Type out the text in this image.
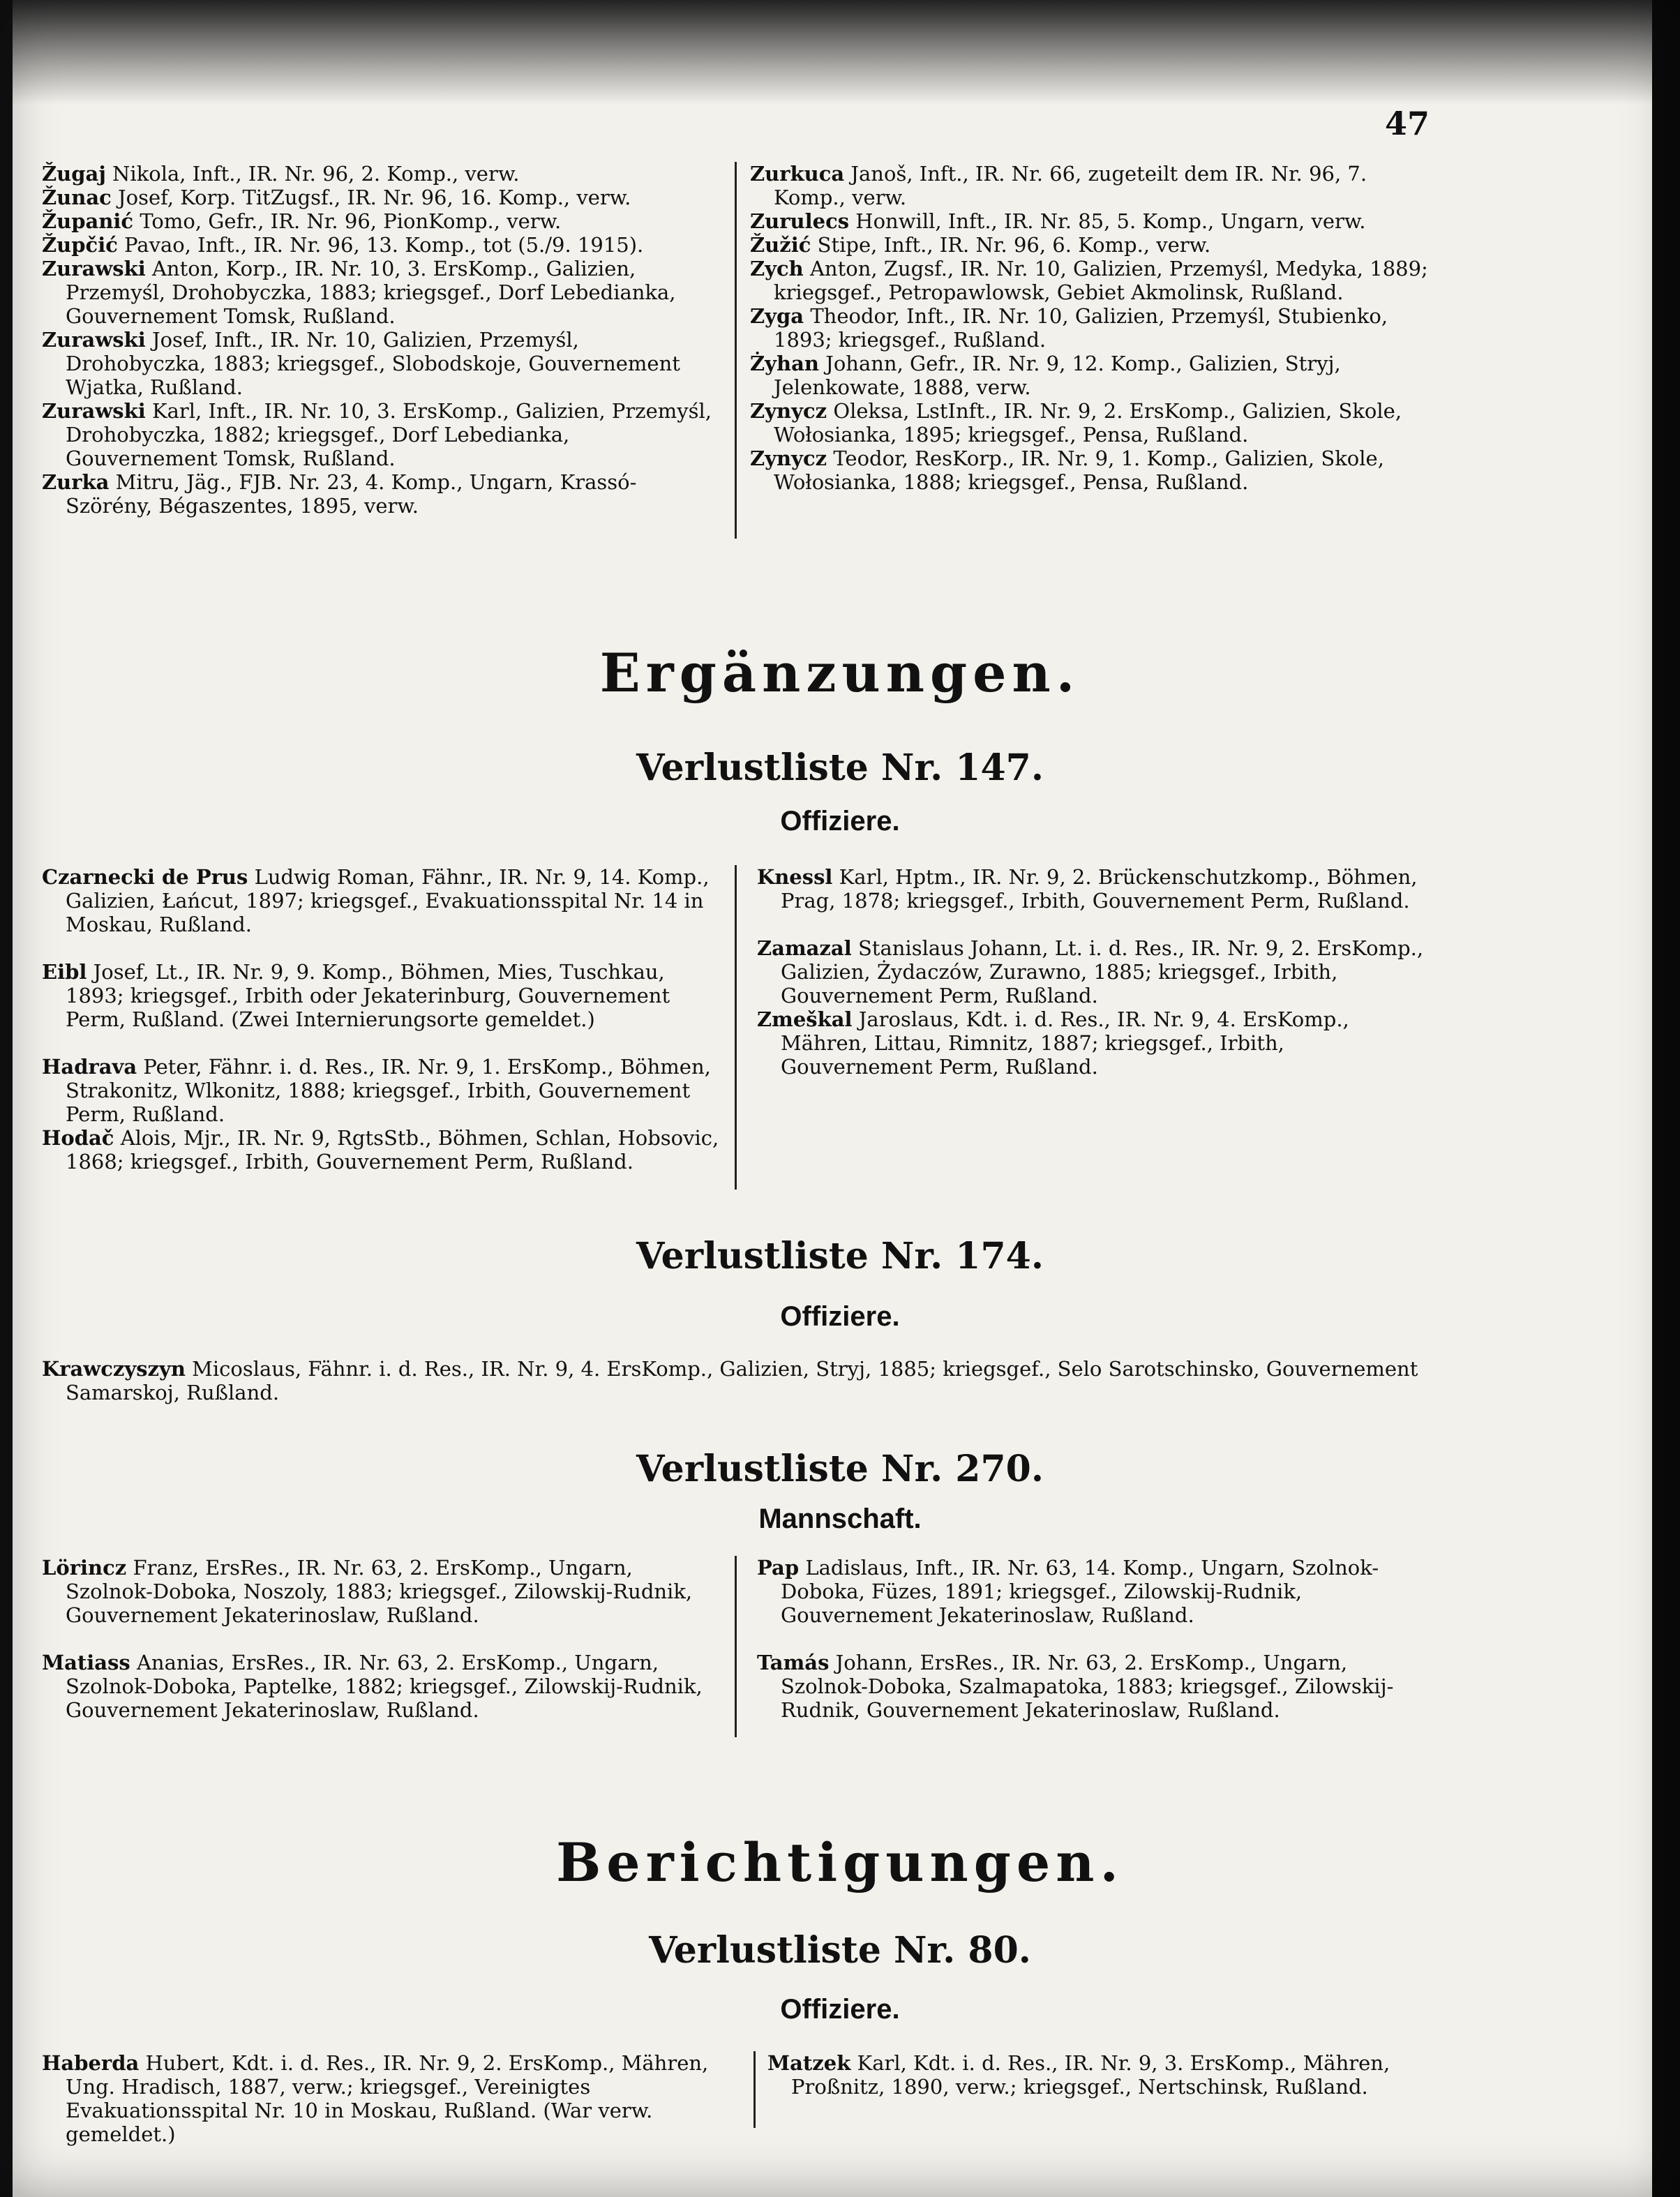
47
Žugaj Nikola, Inft., IR. Nr. 96, 2. Komp., verw.
Žunac Josef, Korp. TitZugsf., IR. Nr. 96, 16. Komp., verw.
Županić Tomo, Gefr., IR. Nr. 96, PionKomp., verw.
Župčić Pavao, Inft., IR. Nr. 96, 13. Komp., tot (5./9. 1915).
Zurawski Anton, Korp., IR. Nr. 10, 3. ErsKomp., Galizien, Przemyśl, Drohobyczka, 1883; kriegsgef., Dorf Lebedianka, Gouvernement Tomsk, Rußland.
Zurawski Josef, Inft., IR. Nr. 10, Galizien, Przemyśl, Drohobyczka, 1883; kriegsgef., Slobodskoje, Gouvernement Wjatka, Rußland.
Zurawski Karl, Inft., IR. Nr. 10, 3. ErsKomp., Galizien, Przemyśl, Drohobyczka, 1882; kriegsgef., Dorf Lebedianka, Gouvernement Tomsk, Rußland.
Zurka Mitru, Jäg., FJB. Nr. 23, 4. Komp., Ungarn, Krassó-Szörény, Bégaszentes, 1895, verw.
Zurkuca Janoš, Inft., IR. Nr. 66, zugeteilt dem IR. Nr. 96, 7. Komp., verw.
Zurulecs Honwill, Inft., IR. Nr. 85, 5. Komp., Ungarn, verw.
Žužić Stipe, Inft., IR. Nr. 96, 6. Komp., verw.
Zych Anton, Zugsf., IR. Nr. 10, Galizien, Przemyśl, Medyka, 1889; kriegsgef., Petropawlowsk, Gebiet Akmolinsk, Rußland.
Zyga Theodor, Inft., IR. Nr. 10, Galizien, Przemyśl, Stubienko, 1893; kriegsgef., Rußland.
Żyhan Johann, Gefr., IR. Nr. 9, 12. Komp., Galizien, Stryj, Jelenkowate, 1888, verw.
Zynycz Oleksa, LstInft., IR. Nr. 9, 2. ErsKomp., Galizien, Skole, Wołosianka, 1895; kriegsgef., Pensa, Rußland.
Zynycz Teodor, ResKorp., IR. Nr. 9, 1. Komp., Galizien, Skole, Wołosianka, 1888; kriegsgef., Pensa, Rußland.
Ergänzungen.
Verlustliste Nr. 147.
Offiziere.
Czarnecki de Prus Ludwig Roman, Fähnr., IR. Nr. 9, 14. Komp., Galizien, Łańcut, 1897; kriegsgef., Evakuationsspital Nr. 14 in Moskau, Rußland.
Eibl Josef, Lt., IR. Nr. 9, 9. Komp., Böhmen, Mies, Tuschkau, 1893; kriegsgef., Irbith oder Jekaterinburg, Gouvernement Perm, Rußland. (Zwei Internierungsorte gemeldet.)
Hadrava Peter, Fähnr. i. d. Res., IR. Nr. 9, 1. ErsKomp., Böhmen, Strakonitz, Wlkonitz, 1888; kriegsgef., Irbith, Gouvernement Perm, Rußland.
Hodač Alois, Mjr., IR. Nr. 9, RgtsStb., Böhmen, Schlan, Hobsovic, 1868; kriegsgef., Irbith, Gouvernement Perm, Rußland.
Knessl Karl, Hptm., IR. Nr. 9, 2. Brückenschutzkomp., Böhmen, Prag, 1878; kriegsgef., Irbith, Gouvernement Perm, Rußland.
Zamazal Stanislaus Johann, Lt. i. d. Res., IR. Nr. 9, 2. ErsKomp., Galizien, Żydaczów, Zurawno, 1885; kriegsgef., Irbith, Gouvernement Perm, Rußland.
Zmeškal Jaroslaus, Kdt. i. d. Res., IR. Nr. 9, 4. ErsKomp., Mähren, Littau, Rimnitz, 1887; kriegsgef., Irbith, Gouvernement Perm, Rußland.
Verlustliste Nr. 174.
Offiziere.
Krawczyszyn Micoslaus, Fähnr. i. d. Res., IR. Nr. 9, 4. ErsKomp., Galizien, Stryj, 1885; kriegsgef., Selo Sarotschinsko, Gouvernement Samarskoj, Rußland.
Verlustliste Nr. 270.
Mannschaft.
Lörincz Franz, ErsRes., IR. Nr. 63, 2. ErsKomp., Ungarn, Szolnok-Doboka, Noszoly, 1883; kriegsgef., Zilowskij-Rudnik, Gouvernement Jekaterinoslaw, Rußland.
Matiass Ananias, ErsRes., IR. Nr. 63, 2. ErsKomp., Ungarn, Szolnok-Doboka, Paptelke, 1882; kriegsgef., Zilowskij-Rudnik, Gouvernement Jekaterinoslaw, Rußland.
Pap Ladislaus, Inft., IR. Nr. 63, 14. Komp., Ungarn, Szolnok-Doboka, Füzes, 1891; kriegsgef., Zilowskij-Rudnik, Gouvernement Jekaterinoslaw, Rußland.
Tamás Johann, ErsRes., IR. Nr. 63, 2. ErsKomp., Ungarn, Szolnok-Doboka, Szalmapatoka, 1883; kriegsgef., Zilowskij-Rudnik, Gouvernement Jekaterinoslaw, Rußland.
Berichtigungen.
Verlustliste Nr. 80.
Offiziere.
Haberda Hubert, Kdt. i. d. Res., IR. Nr. 9, 2. ErsKomp., Mähren, Ung. Hradisch, 1887, verw.; kriegsgef., Vereinigtes Evakuationsspital Nr. 10 in Moskau, Rußland. (War verw. gemeldet.)
Matzek Karl, Kdt. i. d. Res., IR. Nr. 9, 3. ErsKomp., Mähren, Proßnitz, 1890, verw.; kriegsgef., Nertschinsk, Rußland.
